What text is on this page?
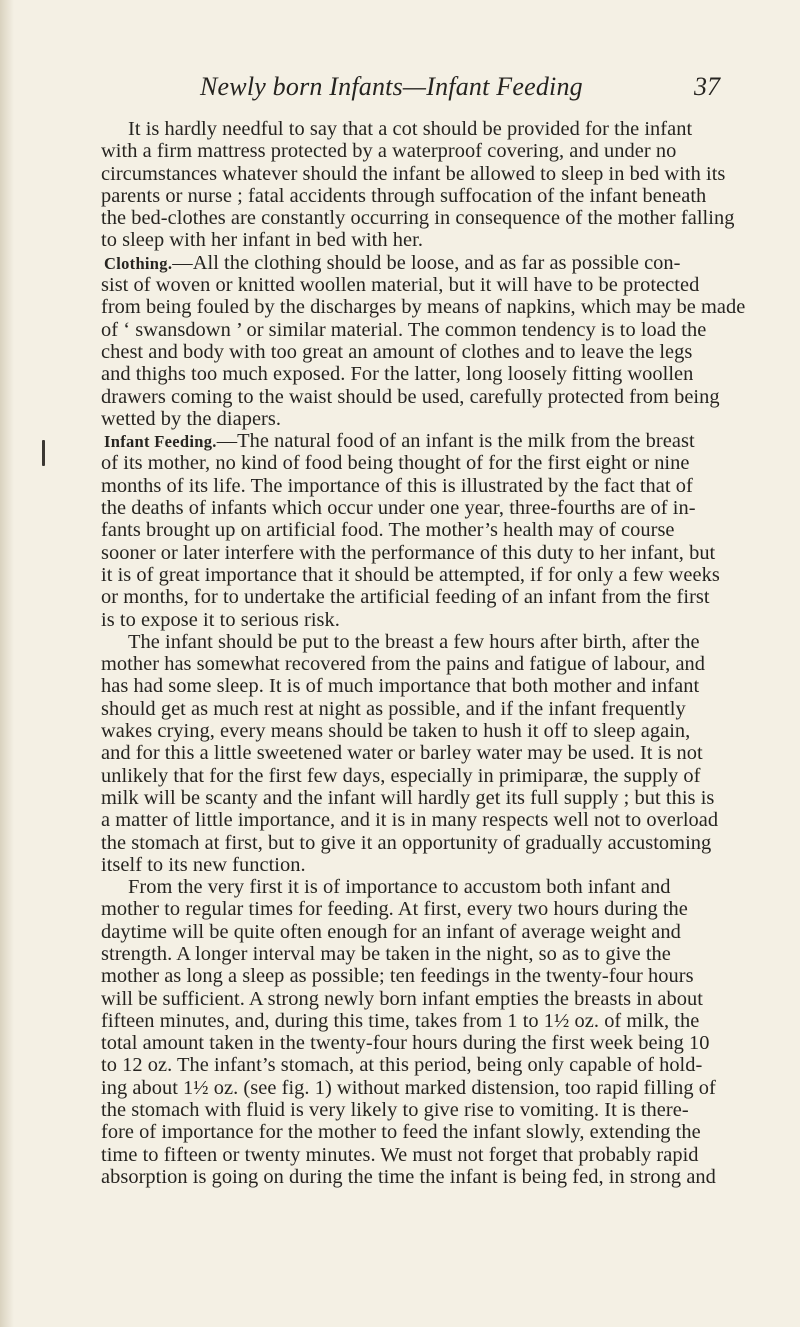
Newly born Infants—Infant Feeding	37
It is hardly needful to say that a cot should be provided for the infant
with a firm mattress protected by a waterproof covering, and under no
circumstances whatever should the infant be allowed to sleep in bed with its
parents or nurse ; fatal accidents through suffocation of the infant beneath
the bed-clothes are constantly occurring in consequence of the mother falling
to sleep with her infant in bed with her.
Clothing.—All the clothing should be loose, and as far as possible con-
sist of woven or knitted woollen material, but it will have to be protected
from being fouled by the discharges by means of napkins, which may be made
of ‘ swansdown ’ or similar material. The common tendency is to load the
chest and body with too great an amount of clothes and to leave the legs
and thighs too much exposed. For the latter, long loosely fitting woollen
drawers coming to the waist should be used, carefully protected from being
wetted by the diapers.
Infant Feeding.—The natural food of an infant is the milk from the breast
of its mother, no kind of food being thought of for the first eight or nine
months of its life. The importance of this is illustrated by the fact that of
the deaths of infants which occur under one year, three-fourths are of in-
fants brought up on artificial food. The mother’s health may of course
sooner or later interfere with the performance of this duty to her infant, but
it is of great importance that it should be attempted, if for only a few weeks
or months, for to undertake the artificial feeding of an infant from the first
is to expose it to serious risk.
The infant should be put to the breast a few hours after birth, after the
mother has somewhat recovered from the pains and fatigue of labour, and
has had some sleep. It is of much importance that both mother and infant
should get as much rest at night as possible, and if the infant frequently
wakes crying, every means should be taken to hush it off to sleep again,
and for this a little sweetened water or barley water may be used. It is not
unlikely that for the first few days, especially in primiparæ, the supply of
milk will be scanty and the infant will hardly get its full supply ; but this is
a matter of little importance, and it is in many respects well not to overload
the stomach at first, but to give it an opportunity of gradually accustoming
itself to its new function.
From the very first it is of importance to accustom both infant and
mother to regular times for feeding. At first, every two hours during the
daytime will be quite often enough for an infant of average weight and
strength. A longer interval may be taken in the night, so as to give the
mother as long a sleep as possible; ten feedings in the twenty-four hours
will be sufficient. A strong newly born infant empties the breasts in about
fifteen minutes, and, during this time, takes from 1 to 1½ oz. of milk, the
total amount taken in the twenty-four hours during the first week being 10
to 12 oz. The infant’s stomach, at this period, being only capable of hold-
ing about 1½ oz. (see fig. 1) without marked distension, too rapid filling of
the stomach with fluid is very likely to give rise to vomiting. It is there-
fore of importance for the mother to feed the infant slowly, extending the
time to fifteen or twenty minutes. We must not forget that probably rapid
absorption is going on during the time the infant is being fed, in strong and
